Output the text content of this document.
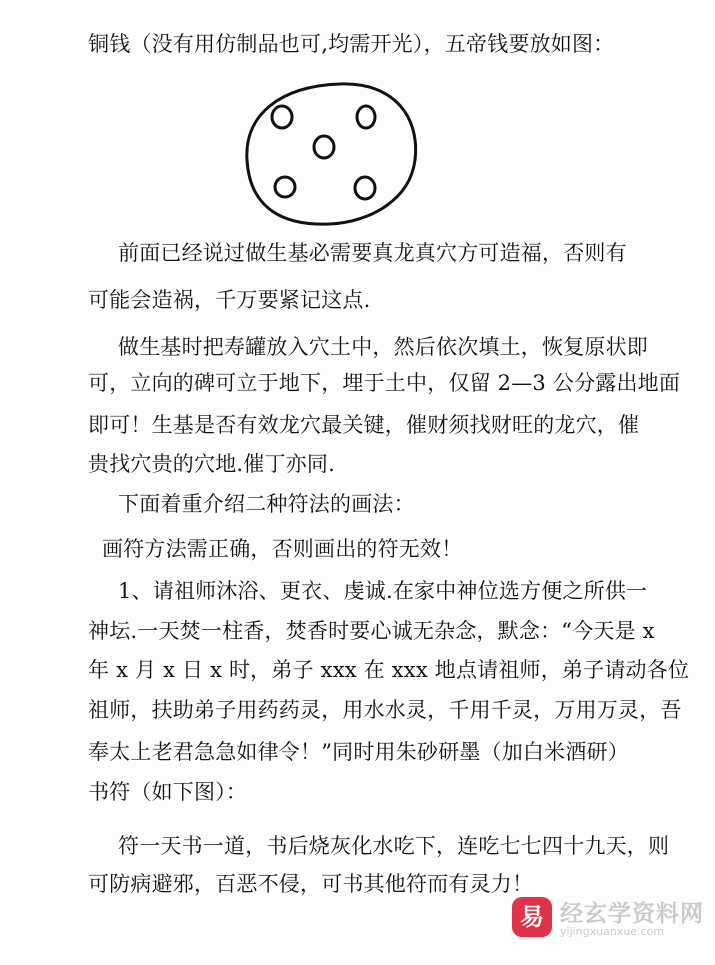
铜钱（没有用仿制品也可,均需开光），五帝钱要放如图：
前面已经说过做生基必需要真龙真穴方可造福，否则有
可能会造祸，千万要紧记这点.
做生基时把寿罐放入穴土中，然后依次填土，恢复原状即
可，立向的碑可立于地下，埋于土中，仅留 2—3 公分露出地面
即可！生基是否有效龙穴最关键，催财须找财旺的龙穴，催
贵找穴贵的穴地.催丁亦同.
下面着重介绍二种符法的画法：
画符方法需正确，否则画出的符无效！
1、请祖师沐浴、更衣、虔诚.在家中神位选方便之所供一
神坛.一天焚一柱香，焚香时要心诚无杂念，默念：“今天是 x
年 x 月 x 日 x 时，弟子 xxx 在 xxx 地点请祖师，弟子请动各位
祖师，扶助弟子用药药灵，用水水灵，千用千灵，万用万灵，吾
奉太上老君急急如律令！”同时用朱砂研墨（加白米酒研）
书符（如下图）：
符一天书一道，书后烧灰化水吃下，连吃七七四十九天，则
可防病避邪，百恶不侵，可书其他符而有灵力！
易 经玄学资料网
yijingxuanxue.com
